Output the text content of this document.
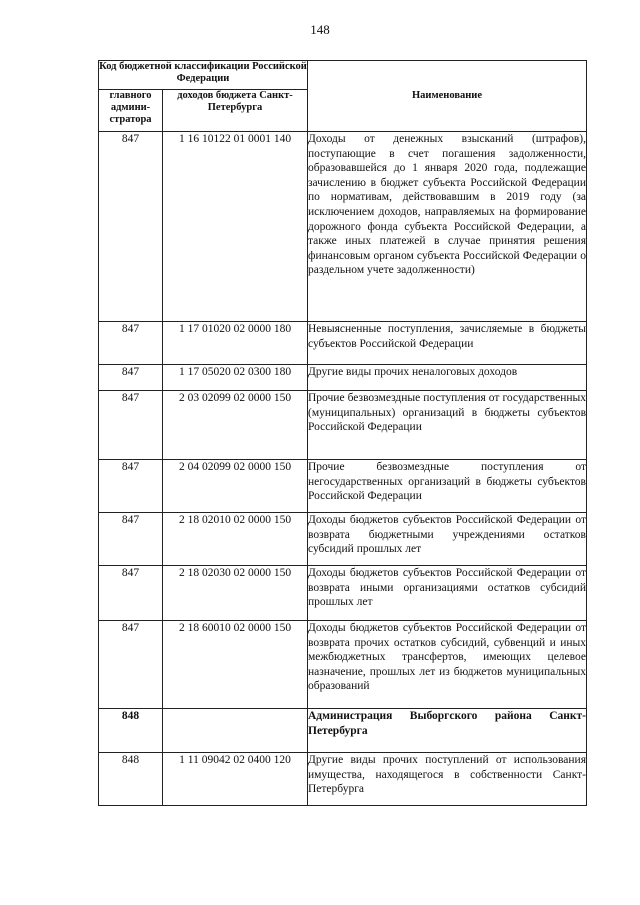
148
Код бюджетной классификации Российской Федерации		Наименование
главного админи-стратора	доходов бюджета Санкт-Петербурга	
847	1 16 10122 01 0001 140	Доходы от денежных взысканий (штрафов), поступающие в счет погашения задолженности, образовавшейся до 1 января 2020 года, подлежащие зачислению в бюджет субъекта Российской Федерации по нормативам, действовавшим в 2019 году (за исключением доходов, направляемых на формирование дорожного фонда субъекта Российской Федерации, а также иных платежей в случае принятия решения финансовым органом субъекта Российской Федерации о раздельном учете задолженности)
847	1 17 01020 02 0000 180	Невыясненные поступления, зачисляемые в бюджеты субъектов Российской Федерации
847	1 17 05020 02 0300 180	Другие виды прочих неналоговых доходов
847	2 03 02099 02 0000 150	Прочие безвозмездные поступления от государственных (муниципальных) организаций в бюджеты субъектов Российской Федерации
847	2 04 02099 02 0000 150	Прочие безвозмездные поступления от негосударственных организаций в бюджеты субъектов Российской Федерации
847	2 18 02010 02 0000 150	Доходы бюджетов субъектов Российской Федерации от возврата бюджетными учреждениями остатков субсидий прошлых лет
847	2 18 02030 02 0000 150	Доходы бюджетов субъектов Российской Федерации от возврата иными организациями остатков субсидий прошлых лет
847	2 18 60010 02 0000 150	Доходы бюджетов субъектов Российской Федерации от возврата прочих остатков субсидий, субвенций и иных межбюджетных трансфертов, имеющих целевое назначение, прошлых лет из бюджетов муниципальных образований
848		Администрация Выборгского района Санкт-Петербурга
848	1 11 09042 02 0400 120	Другие виды прочих поступлений от использования имущества, находящегося в собственности Санкт-Петербурга
